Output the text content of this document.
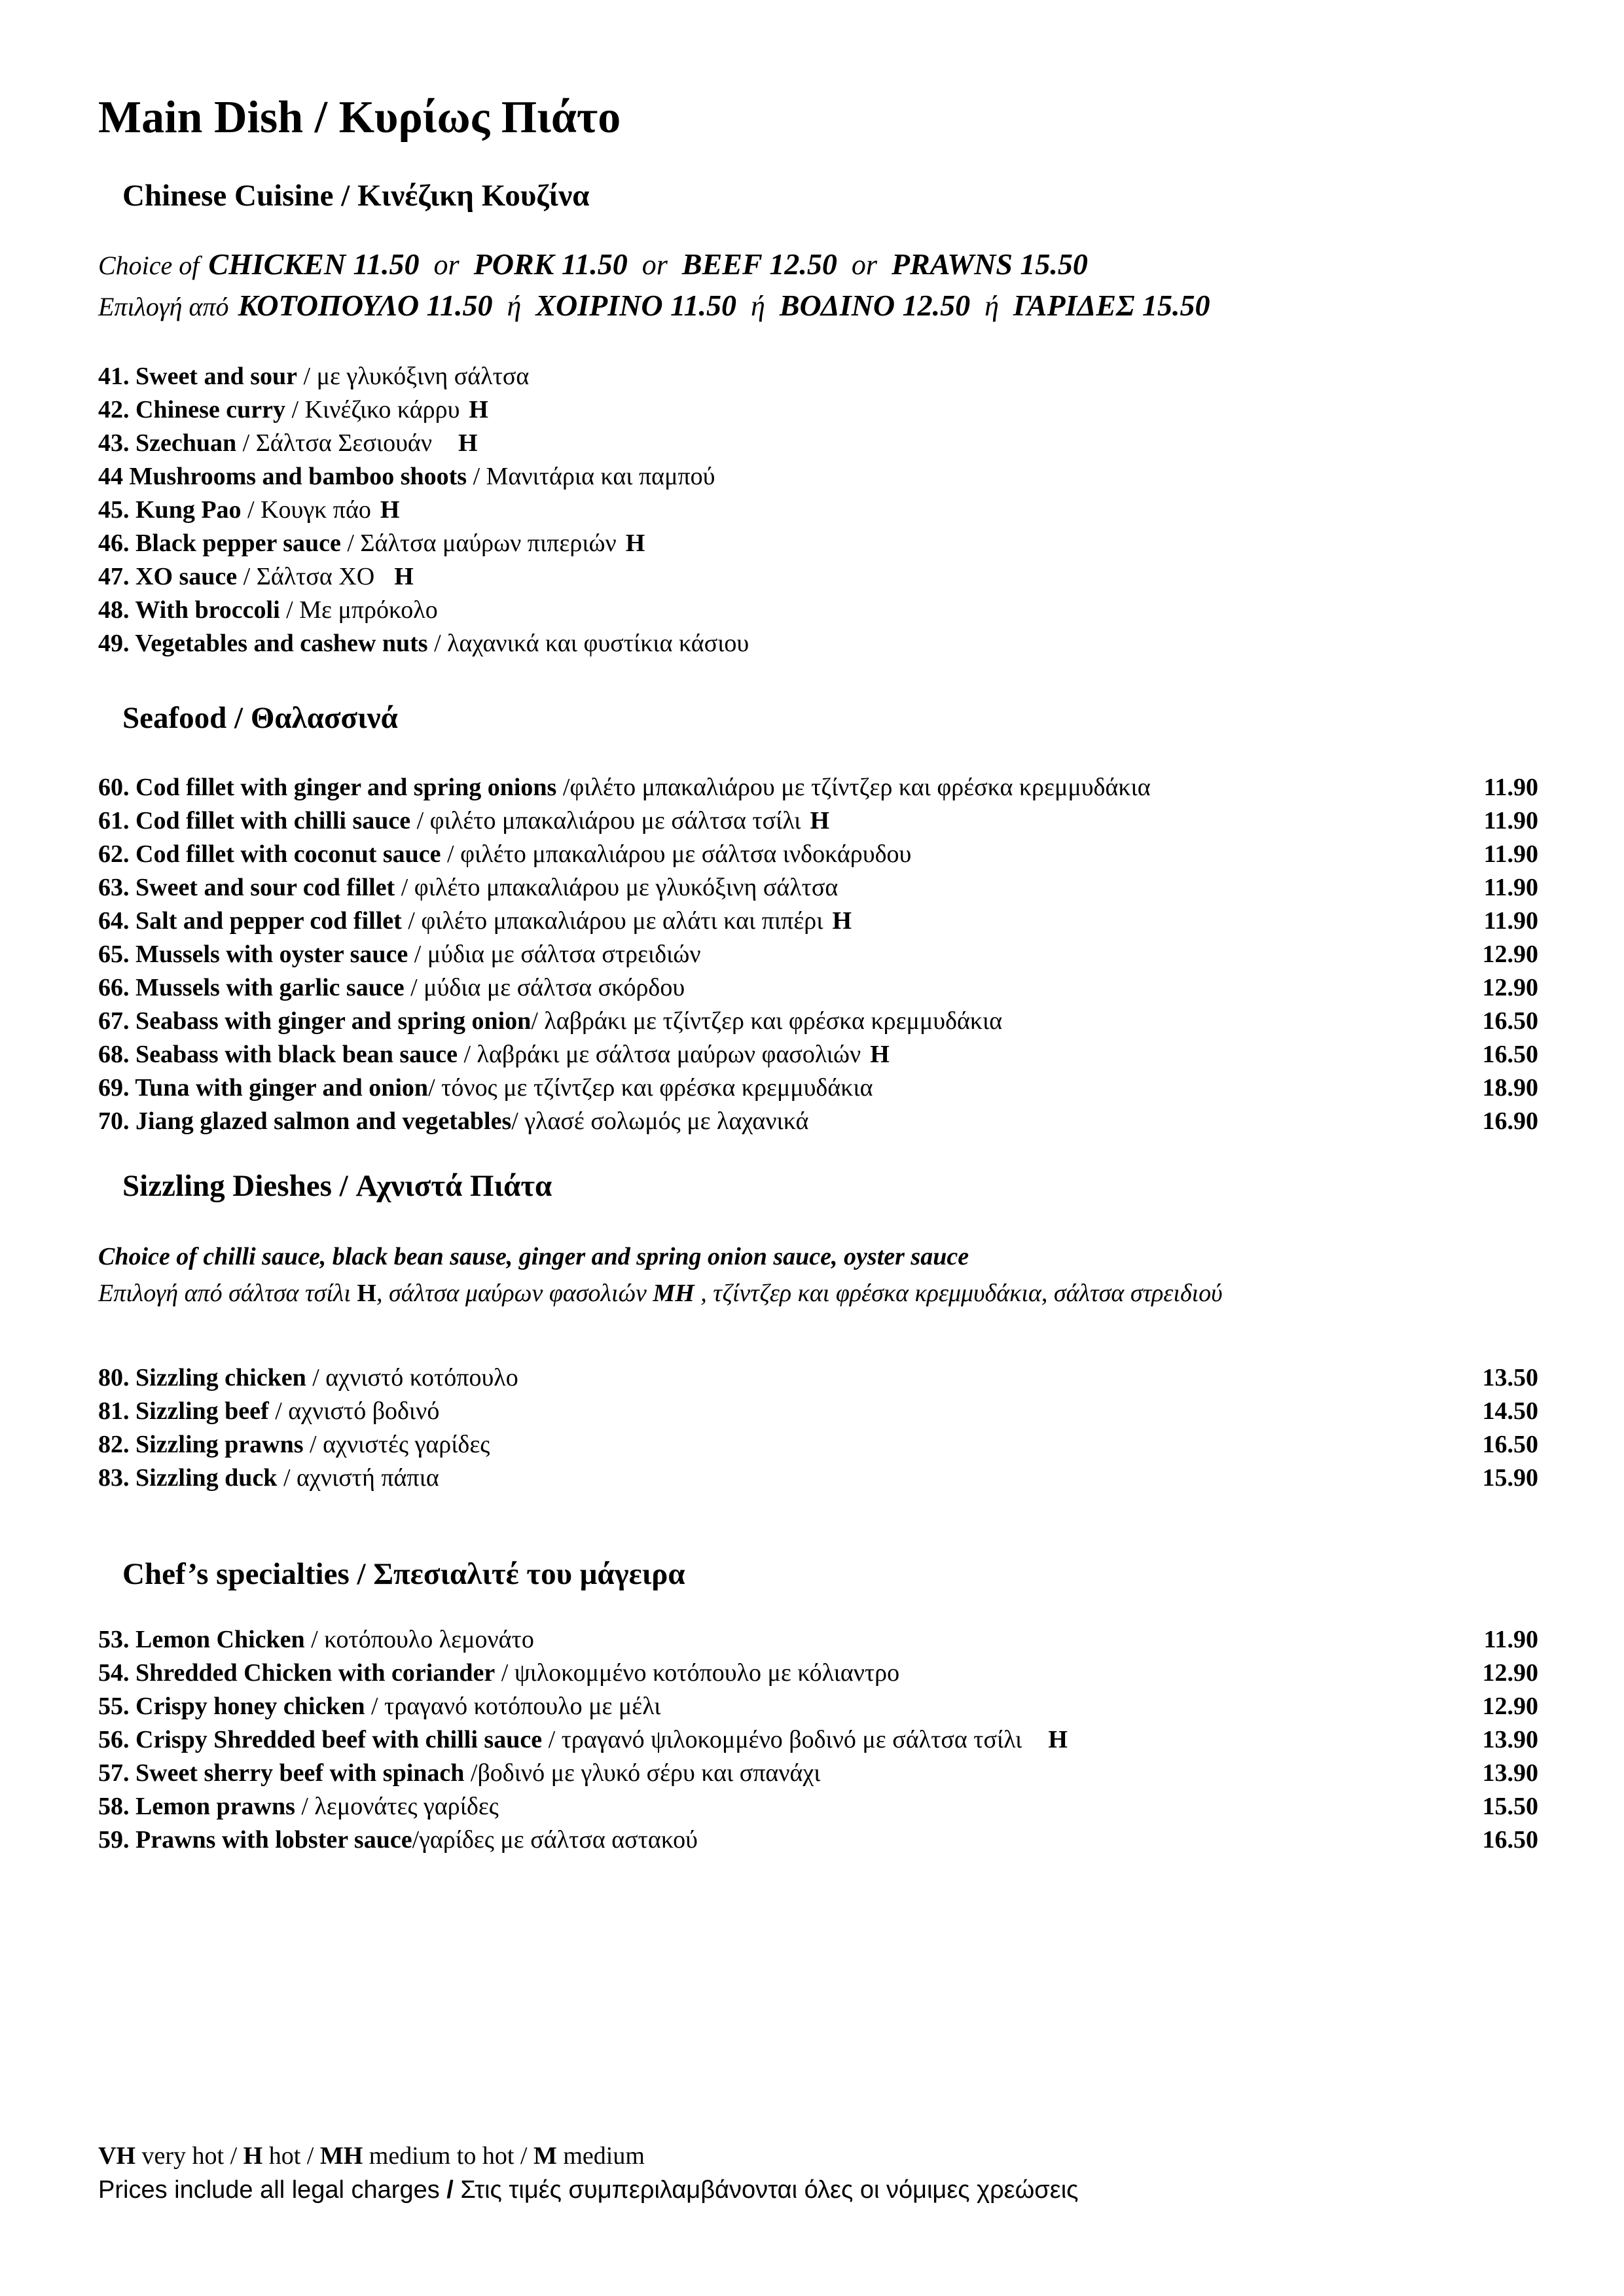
Main Dish / Κυρίως Πιάτο
Chinese Cuisine / Κινέζικη Κουζίνα
Choice of CHICKEN 11.50 or PORK 11.50 or BEEF 12.50 or PRAWNS 15.50
Επιλογή από ΚΟΤΟΠΟΥΛΟ 11.50 ή ΧΟΙΡΙΝΟ 11.50 ή ΒΟΔΙΝΟ 12.50 ή ΓΑΡΙΔΕΣ 15.50
41. Sweet and sour / με γλυκόξινη σάλτσα
42. Chinese curry / Κινέζικο κάρρυ H
43. Szechuan / Σάλτσα Σεσιουάν H
44 Mushrooms and bamboo shoots / Μανιτάρια και παμπού
45. Kung Pao / Κουγκ πάο H
46. Black pepper sauce / Σάλτσα μαύρων πιπεριών H
47. XO sauce / Σάλτσα ΧΟ H
48. With broccoli / Με μπρόκολο
49. Vegetables and cashew nuts / λαχανικά και φυστίκια κάσιου
Seafood / Θαλασσινά
60. Cod fillet with ginger and spring onions /φιλέτο μπακαλιάρου με τζίντζερ και φρέσκα κρεμμυδάκια	11.90
61. Cod fillet with chilli sauce / φιλέτο μπακαλιάρου με σάλτσα τσίλι H	11.90
62. Cod fillet with coconut sauce / φιλέτο μπακαλιάρου με σάλτσα ινδοκάρυδου	11.90
63. Sweet and sour cod fillet / φιλέτο μπακαλιάρου με γλυκόξινη σάλτσα	11.90
64. Salt and pepper cod fillet / φιλέτο μπακαλιάρου με αλάτι και πιπέρι H	11.90
65. Mussels with oyster sauce / μύδια με σάλτσα στρειδιών	12.90
66. Mussels with garlic sauce / μύδια με σάλτσα σκόρδου	12.90
67. Seabass with ginger and spring onion/ λαβράκι με τζίντζερ και φρέσκα κρεμμυδάκια	16.50
68. Seabass with black bean sauce / λαβράκι με σάλτσα μαύρων φασολιών H	16.50
69. Tuna with ginger and onion/ τόνος με τζίντζερ και φρέσκα κρεμμυδάκια	18.90
70. Jiang glazed salmon and vegetables/ γλασέ σολωμός με λαχανικά	16.90
Sizzling Dieshes / Αχνιστά Πιάτα
Choice of chilli sauce, black bean sause, ginger and spring onion sauce, oyster sauce
Επιλογή από σάλτσα τσίλι H, σάλτσα μαύρων φασολιών MH , τζίντζερ και φρέσκα κρεμμυδάκια, σάλτσα στρειδιού
80. Sizzling chicken / αχνιστό κοτόπουλο	13.50
81. Sizzling beef / αχνιστό βοδινό	14.50
82. Sizzling prawns / αχνιστές γαρίδες	16.50
83. Sizzling duck / αχνιστή πάπια	15.90
Chef’s specialties / Σπεσιαλιτέ του μάγειρα
53. Lemon Chicken / κοτόπουλο λεμονάτο	11.90
54. Shredded Chicken with coriander / ψιλοκομμένο κοτόπουλο με κόλιαντρο	12.90
55. Crispy honey chicken / τραγανό κοτόπουλο με μέλι	12.90
56. Crispy Shredded beef with chilli sauce / τραγανό ψιλοκομμένο βοδινό με σάλτσα τσίλι H	13.90
57. Sweet sherry beef with spinach /βοδινό με γλυκό σέρυ και σπανάχι	13.90
58. Lemon prawns / λεμονάτες γαρίδες	15.50
59. Prawns with lobster sauce/γαρίδες με σάλτσα αστακού	16.50
VH very hot / H hot / MH medium to hot / M medium
Prices include all legal charges / Στις τιμές συμπεριλαμβάνονται όλες οι νόμιμες χρεώσεις
